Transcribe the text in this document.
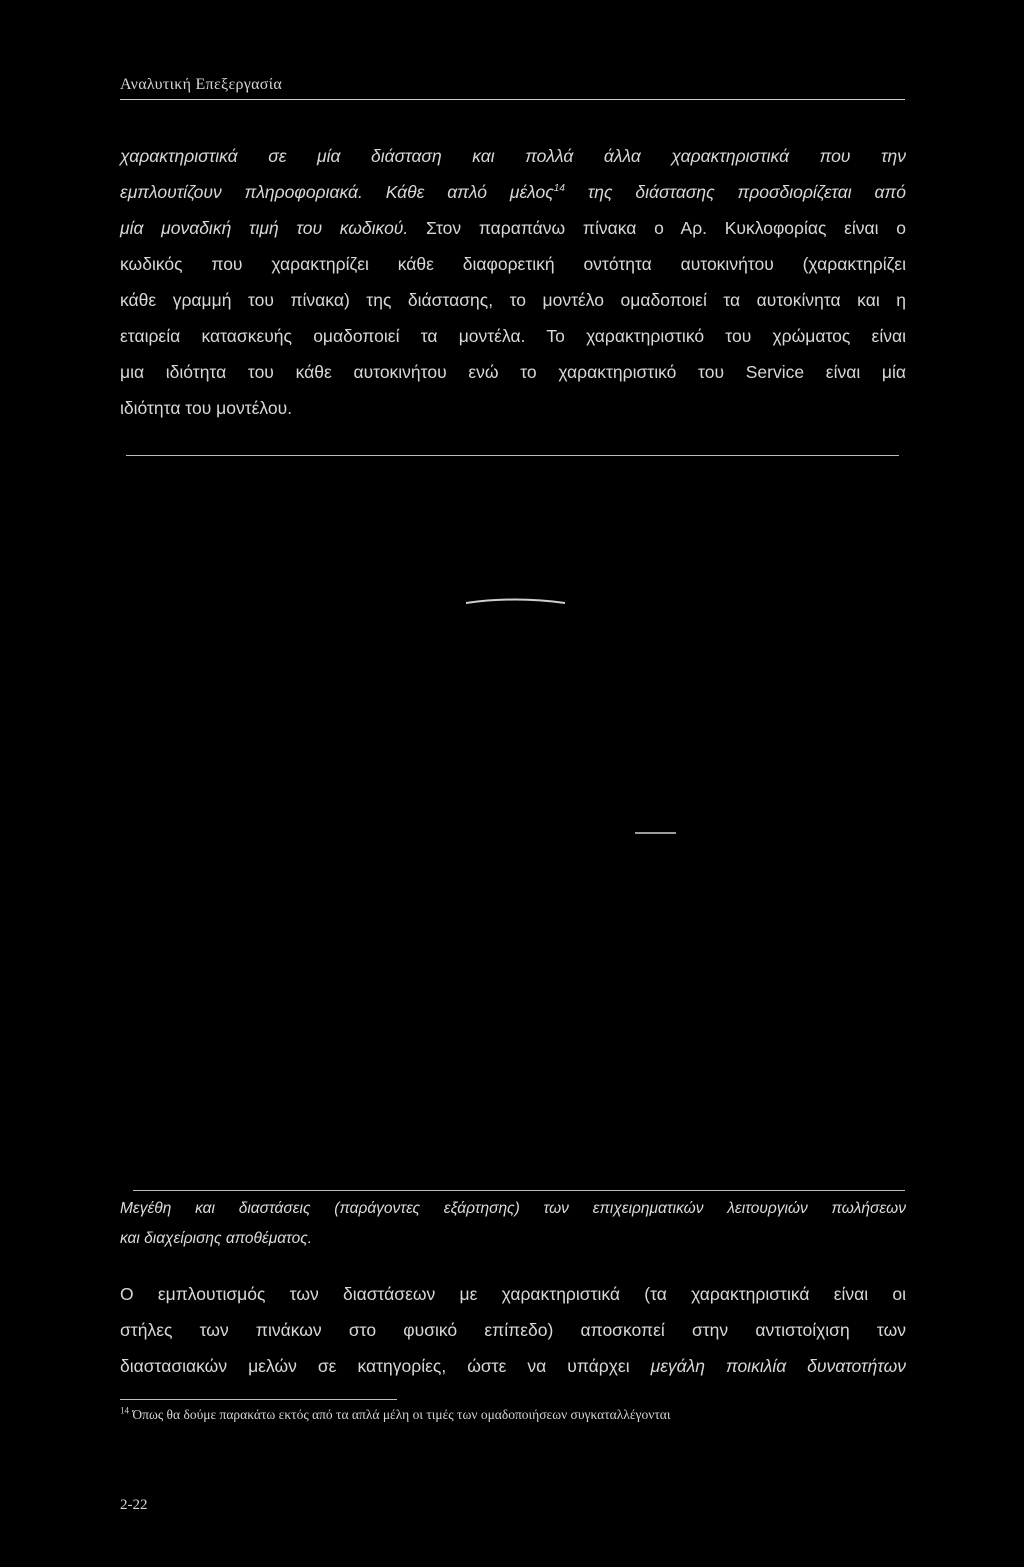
Αναλυτική Επεξεργασία
χαρακτηριστικά σε μία διάσταση και πολλά άλλα χαρακτηριστικά που την
εμπλουτίζουν πληροφοριακά. Κάθε απλό μέλος$^{14}$ της διάστασης προσδιορίζεται από
μία μοναδική τιμή του κωδικού. Στον παραπάνω πίνακα ο Αρ. Κυκλοφορίας είναι ο
κωδικός που χαρακτηρίζει κάθε διαφορετική οντότητα αυτοκινήτου (χαρακτηρίζει
κάθε γραμμή του πίνακα) της διάστασης, το μοντέλο ομαδοποιεί τα αυτοκίνητα και η
εταιρεία κατασκευής ομαδοποιεί τα μοντέλα. Το χαρακτηριστικό του χρώματος είναι
μια ιδιότητα του κάθε αυτοκινήτου ενώ το χαρακτηριστικό του Service είναι μία
ιδιότητα του μοντέλου.
Μεγέθη και διαστάσεις (παράγοντες εξάρτησης) των επιχειρηματικών λειτουργιών πωλήσεων
και διαχείρισης αποθέματος.
Ο εμπλουτισμός των διαστάσεων με χαρακτηριστικά (τα χαρακτηριστικά είναι οι
στήλες των πινάκων στο φυσικό επίπεδο) αποσκοπεί στην αντιστοίχιση των
διαστασιακών μελών σε κατηγορίες, ώστε να υπάρχει μεγάλη ποικιλία δυνατοτήτων
$^{14}$ Όπως θα δούμε παρακάτω εκτός από τα απλά μέλη οι τιμές των ομαδοποιήσεων συγκαταλλέγονται
2-22
